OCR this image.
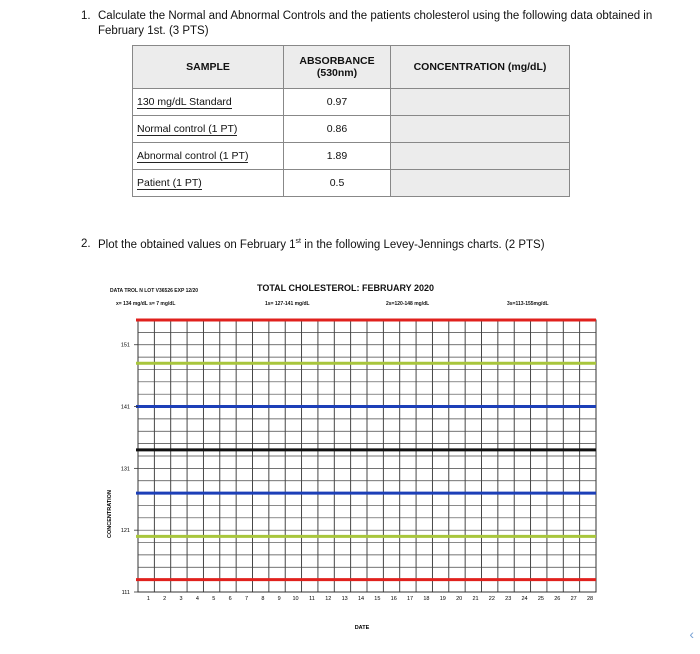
1. Calculate the Normal and Abnormal Controls and the patients cholesterol using the following data obtained in February 1st. (3 PTS)
SAMPLE	ABSORBANCE (530nm)	CONCENTRATION (mg/dL)
130 mg/dL Standard	0.97	
Normal control (1 PT)	0.86	
Abnormal control (1 PT)	1.89	
Patient (1 PT)	0.5	
2. Plot the obtained values on February 1st in the following Levey-Jennings charts. (2 PTS)
DATA TROL N LOT V36526 EXP 12/20
x= 134 mg/dL s= 7 mg/dL
TOTAL CHOLESTEROL: FEBRUARY 2020
1s= 127-141 mg/dL	2s=120-148 mg/dL	3s=113-155mg/dL
CONCENTRATION
DATE
111
121
131
141
151
1 2 3 4 5 6 7 8 9 10 11 12 13 14 15 16 17 18 19 20 21 22 23 24 25 26 27 28
‹
